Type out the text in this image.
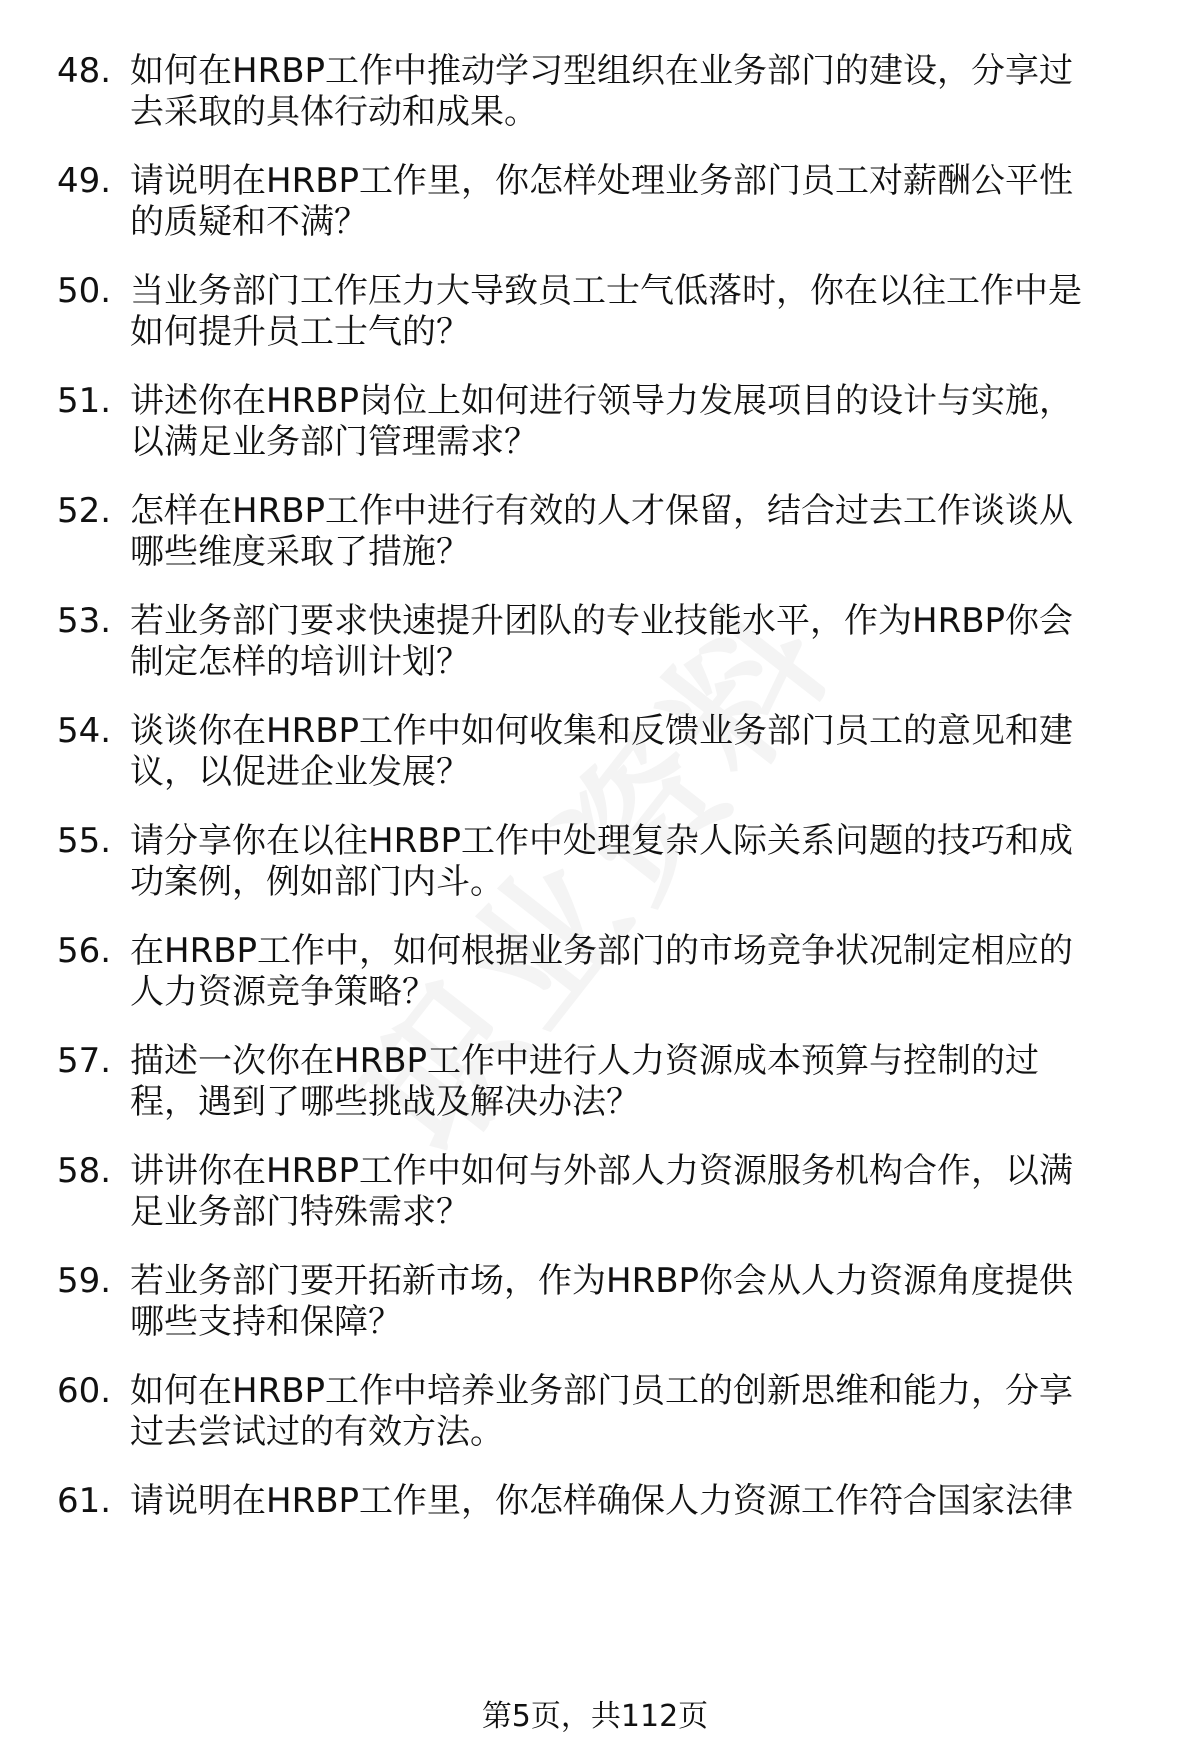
48. 如何在HRBP工作中推动学习型组织在业务部门的建设，分享过
去采取的具体行动和成果。
49. 请说明在HRBP工作里，你怎样处理业务部门员工对薪酬公平性
的质疑和不满？
50. 当业务部门工作压力大导致员工士气低落时，你在以往工作中是
如何提升员工士气的？
51. 讲述你在HRBP岗位上如何进行领导力发展项目的设计与实施，
以满足业务部门管理需求？
52. 怎样在HRBP工作中进行有效的人才保留，结合过去工作谈谈从
哪些维度采取了措施？
53. 若业务部门要求快速提升团队的专业技能水平，作为HRBP你会
制定怎样的培训计划？
54. 谈谈你在HRBP工作中如何收集和反馈业务部门员工的意见和建
议，以促进企业发展？
55. 请分享你在以往HRBP工作中处理复杂人际关系问题的技巧和成
功案例，例如部门内斗。
56. 在HRBP工作中，如何根据业务部门的市场竞争状况制定相应的
人力资源竞争策略？
57. 描述一次你在HRBP工作中进行人力资源成本预算与控制的过
程，遇到了哪些挑战及解决办法？
58. 讲讲你在HRBP工作中如何与外部人力资源服务机构合作，以满
足业务部门特殊需求？
59. 若业务部门要开拓新市场，作为HRBP你会从人力资源角度提供
哪些支持和保障？
60. 如何在HRBP工作中培养业务部门员工的创新思维和能力，分享
过去尝试过的有效方法。
61. 请说明在HRBP工作里，你怎样确保人力资源工作符合国家法律
第5页，共112页
